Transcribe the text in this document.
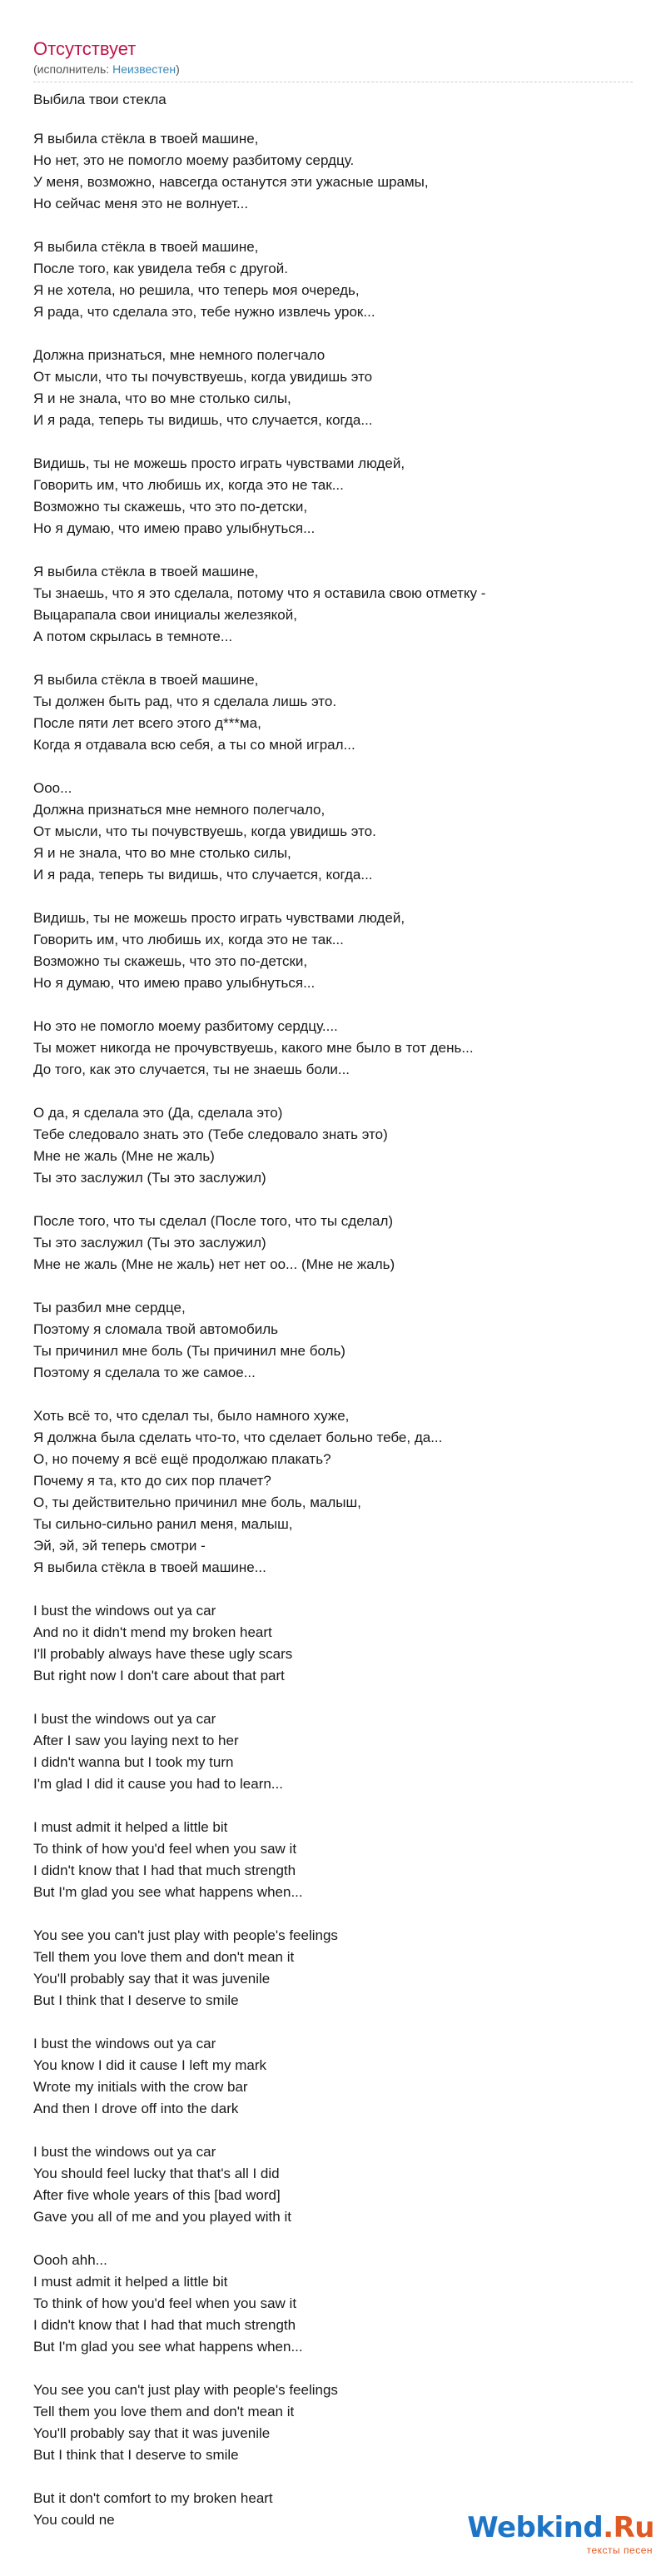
Отсутствует
(исполнитель: Неизвестен)
Выбила твои стекла
Я выбила стёкла в твоей машине,
Но нет, это не помогло моему разбитому сердцу.
У меня, возможно, навсегда останутся эти ужасные шрамы,
Но сейчас меня это не волнует...
Я выбила стёкла в твоей машине,
После того, как увидела тебя с другой.
Я не хотела, но решила, что теперь моя очередь,
Я рада, что сделала это, тебе нужно извлечь урок...
Должна признаться, мне немного полегчало
От мысли, что ты почувствуешь, когда увидишь это
Я и не знала, что во мне столько силы,
И я рада, теперь ты видишь, что случается, когда...
Видишь, ты не можешь просто играть чувствами людей,
Говорить им, что любишь их, когда это не так...
Возможно ты скажешь, что это по-детски,
Но я думаю, что имею право улыбнуться...
Я выбила стёкла в твоей машине,
Ты знаешь, что я это сделала, потому что я оставила свою отметку -
Выцарапала свои инициалы железякой,
А потом скрылась в темноте...
Я выбила стёкла в твоей машине,
Ты должен быть рад, что я сделала лишь это.
После пяти лет всего этого д***ма,
Когда я отдавала всю себя, а ты со мной играл...
Ооо...
Должна признаться мне немного полегчало,
От мысли, что ты почувствуешь, когда увидишь это.
Я и не знала, что во мне столько силы,
И я рада, теперь ты видишь, что случается, когда...
Видишь, ты не можешь просто играть чувствами людей,
Говорить им, что любишь их, когда это не так...
Возможно ты скажешь, что это по-детски,
Но я думаю, что имею право улыбнуться...
Но это не помогло моему разбитому сердцу....
Ты может никогда не прочувствуешь, какого мне было в тот день...
До того, как это случается, ты не знаешь боли...
О да, я сделала это (Да, сделала это)
Тебе следовало знать это (Тебе следовало знать это)
Мне не жаль (Мне не жаль)
Ты это заслужил (Ты это заслужил)
После того, что ты сделал (После того, что ты сделал)
Ты это заслужил (Ты это заслужил)
Мне не жаль (Мне не жаль) нет нет оо... (Мне не жаль)
Ты разбил мне сердце,
Поэтому я сломала твой автомобиль
Ты причинил мне боль (Ты причинил мне боль)
Поэтому я сделала то же самое...
Хоть всё то, что сделал ты, было намного хуже,
Я должна была сделать что-то, что сделает больно тебе, да...
О, но почему я всё ещё продолжаю плакать?
Почему я та, кто до сих пор плачет?
О, ты действительно причинил мне боль, малыш,
Ты сильно-сильно ранил меня, малыш,
Эй, эй, эй теперь смотри -
Я выбила стёкла в твоей машине...
I bust the windows out ya car
And no it didn't mend my broken heart
I'll probably always have these ugly scars
But right now I don't care about that part
I bust the windows out ya car
After I saw you laying next to her
I didn't wanna but I took my turn
I'm glad I did it cause you had to learn...
I must admit it helped a little bit
To think of how you'd feel when you saw it
I didn't know that I had that much strength
But I'm glad you see what happens when...
You see you can't just play with people's feelings
Tell them you love them and don't mean it
You'll probably say that it was juvenile
But I think that I deserve to smile
I bust the windows out ya car
You know I did it cause I left my mark
Wrote my initials with the crow bar
And then I drove off into the dark
I bust the windows out ya car
You should feel lucky that that's all I did
After five whole years of this [bad word]
Gave you all of me and you played with it
Oooh ahh...
I must admit it helped a little bit
To think of how you'd feel when you saw it
I didn't know that I had that much strength
But I'm glad you see what happens when...
You see you can't just play with people's feelings
Tell them you love them and don't mean it
You'll probably say that it was juvenile
But I think that I deserve to smile
But it don't comfort to my broken heart
You could ne	Webkind.Ru
тексты песен
